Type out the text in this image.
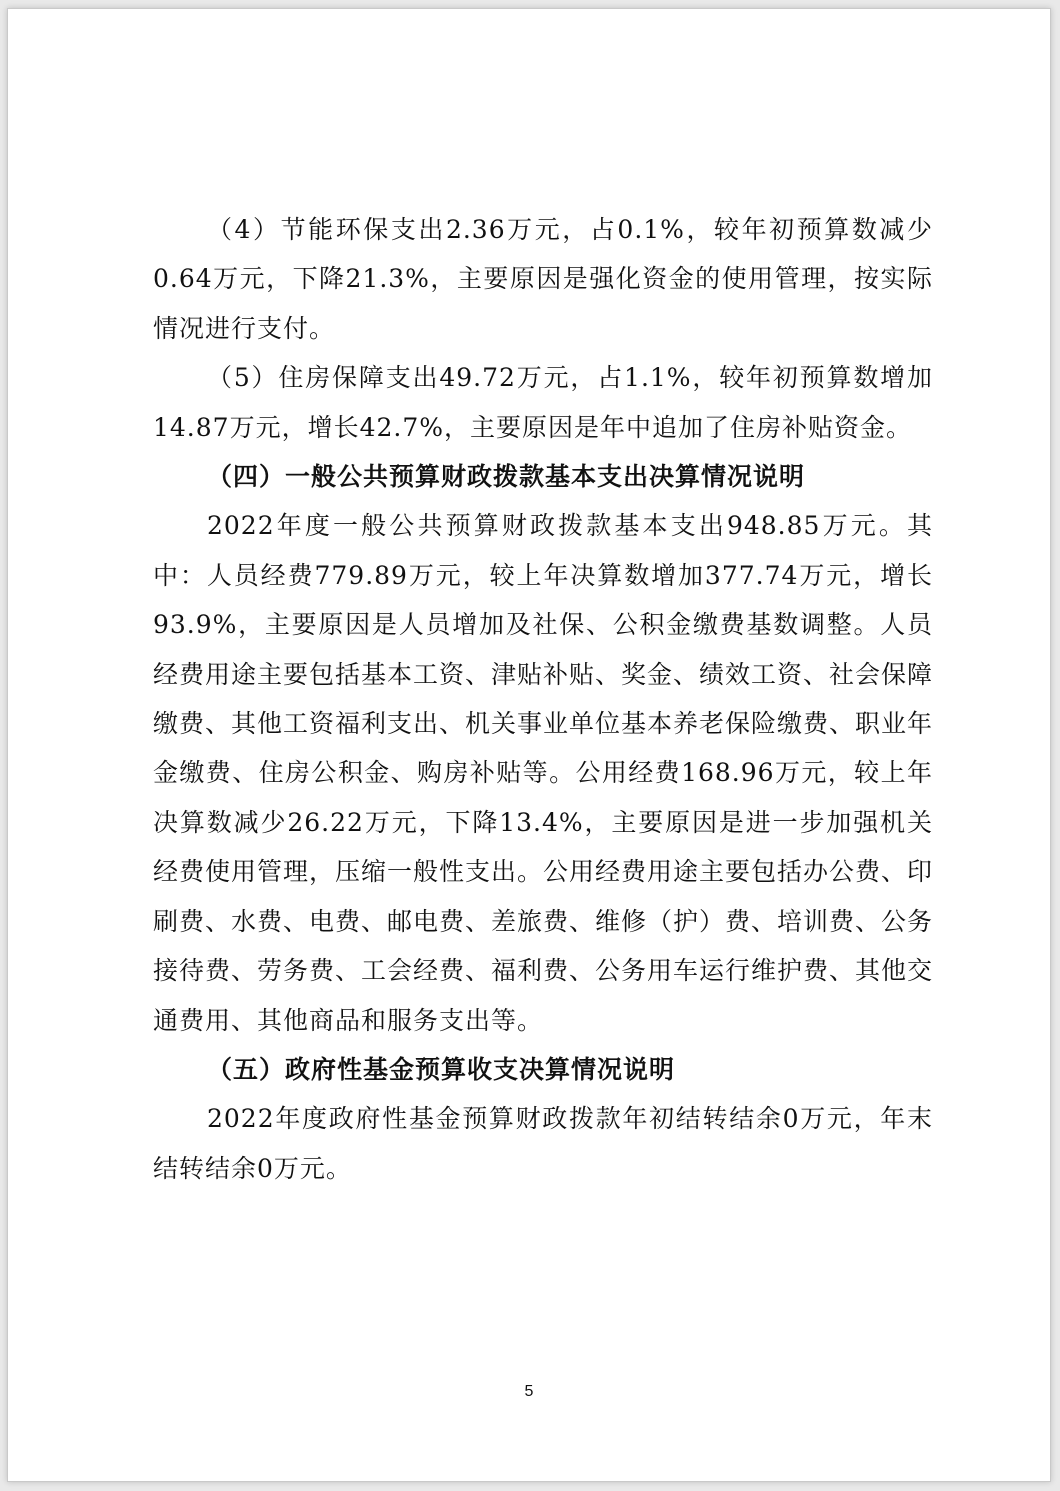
（4）节能环保支出2.36万元，占0.1%，较年初预算数减少0.64万元，下降21.3%，主要原因是强化资金的使用管理，按实际情况进行支付。

（5）住房保障支出49.72万元，占1.1%，较年初预算数增加14.87万元，增长42.7%，主要原因是年中追加了住房补贴资金。

（四）一般公共预算财政拨款基本支出决算情况说明

2022年度一般公共预算财政拨款基本支出948.85万元。其中：人员经费779.89万元，较上年决算数增加377.74万元，增长93.9%，主要原因是人员增加及社保、公积金缴费基数调整。人员经费用途主要包括基本工资、津贴补贴、奖金、绩效工资、社会保障缴费、其他工资福利支出、机关事业单位基本养老保险缴费、职业年金缴费、住房公积金、购房补贴等。公用经费168.96万元，较上年决算数减少26.22万元，下降13.4%，主要原因是进一步加强机关经费使用管理，压缩一般性支出。公用经费用途主要包括办公费、印刷费、水费、电费、邮电费、差旅费、维修（护）费、培训费、公务接待费、劳务费、工会经费、福利费、公务用车运行维护费、其他交通费用、其他商品和服务支出等。

（五）政府性基金预算收支决算情况说明

2022年度政府性基金预算财政拨款年初结转结余0万元，年末结转结余0万元。

5
